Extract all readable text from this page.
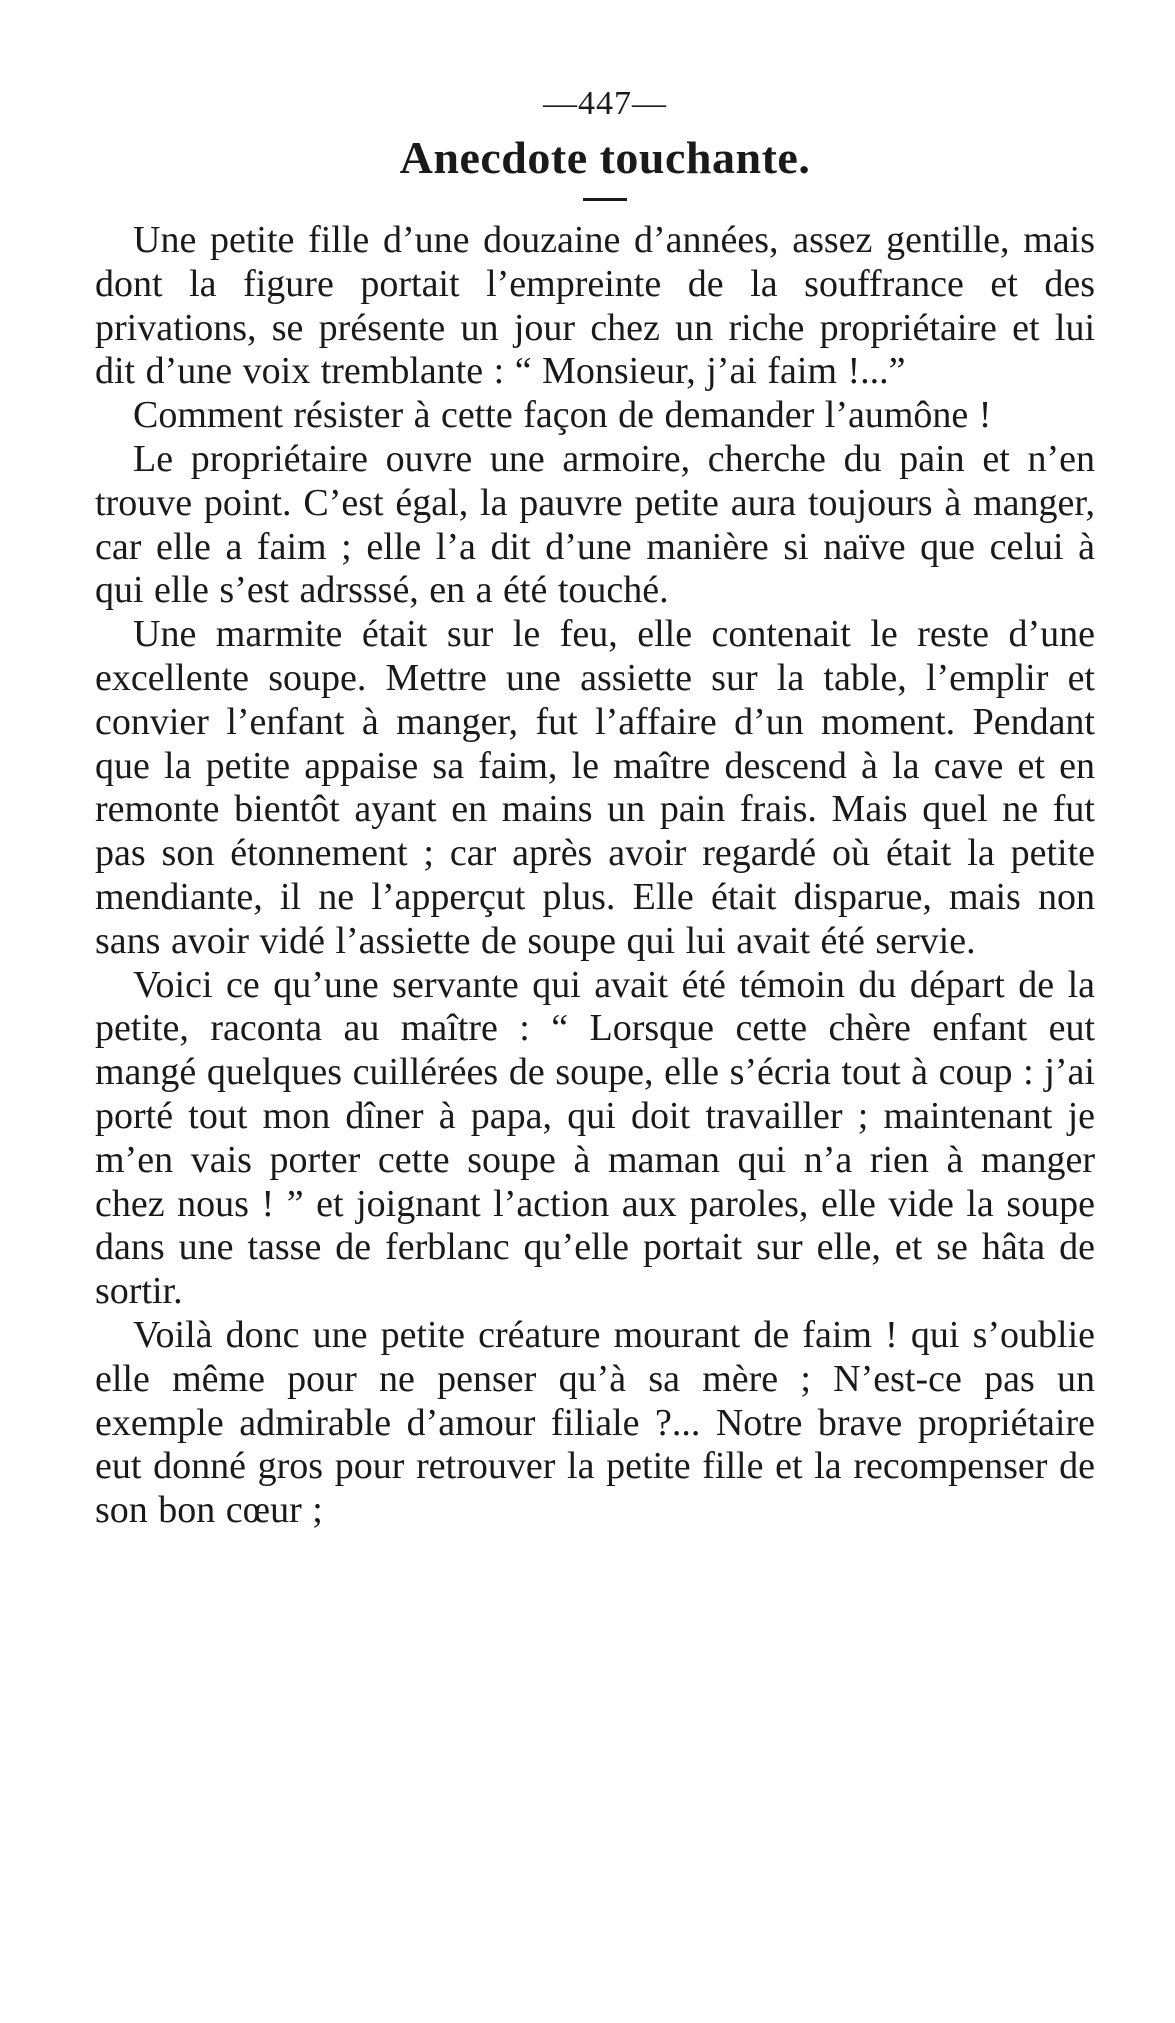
—447—
Anecdote touchante.

Une petite fille d’une douzaine d’années, assez gentille, mais dont la figure portait l’empreinte de la souffrance et des privations, se présente un jour chez un riche propriétaire et lui dit d’une voix tremblante : “ Monsieur, j’ai faim !...”

Comment résister à cette façon de demander l’aumône !

Le propriétaire ouvre une armoire, cherche du pain et n’en trouve point. C’est égal, la pauvre petite aura toujours à manger, car elle a faim ; elle l’a dit d’une manière si naïve que celui à qui elle s’est adrsssé, en a été touché.

Une marmite était sur le feu, elle contenait le reste d’une excellente soupe. Mettre une assiette sur la table, l’emplir et convier l’enfant à manger, fut l’affaire d’un moment. Pendant que la petite appaise sa faim, le maître descend à la cave et en remonte bientôt ayant en mains un pain frais. Mais quel ne fut pas son étonnement ; car après avoir regardé où était la petite mendiante, il ne l’apperçut plus. Elle était disparue, mais non sans avoir vidé l’assiette de soupe qui lui avait été servie.

Voici ce qu’une servante qui avait été témoin du départ de la petite, raconta au maître : “ Lorsque cette chère enfant eut mangé quelques cuillérées de soupe, elle s’écria tout à coup : j’ai porté tout mon dîner à papa, qui doit travailler ; maintenant je m’en vais porter cette soupe à maman qui n’a rien à manger chez nous ! ” et joignant l’action aux paroles, elle vide la soupe dans une tasse de ferblanc qu’elle portait sur elle, et se hâta de sortir.

Voilà donc une petite créature mourant de faim ! qui s’oublie elle même pour ne penser qu’à sa mère ; N’est-ce pas un exemple admirable d’amour filiale ?... Notre brave propriétaire eut donné gros pour retrouver la petite fille et la recompenser de son bon cœur ;
